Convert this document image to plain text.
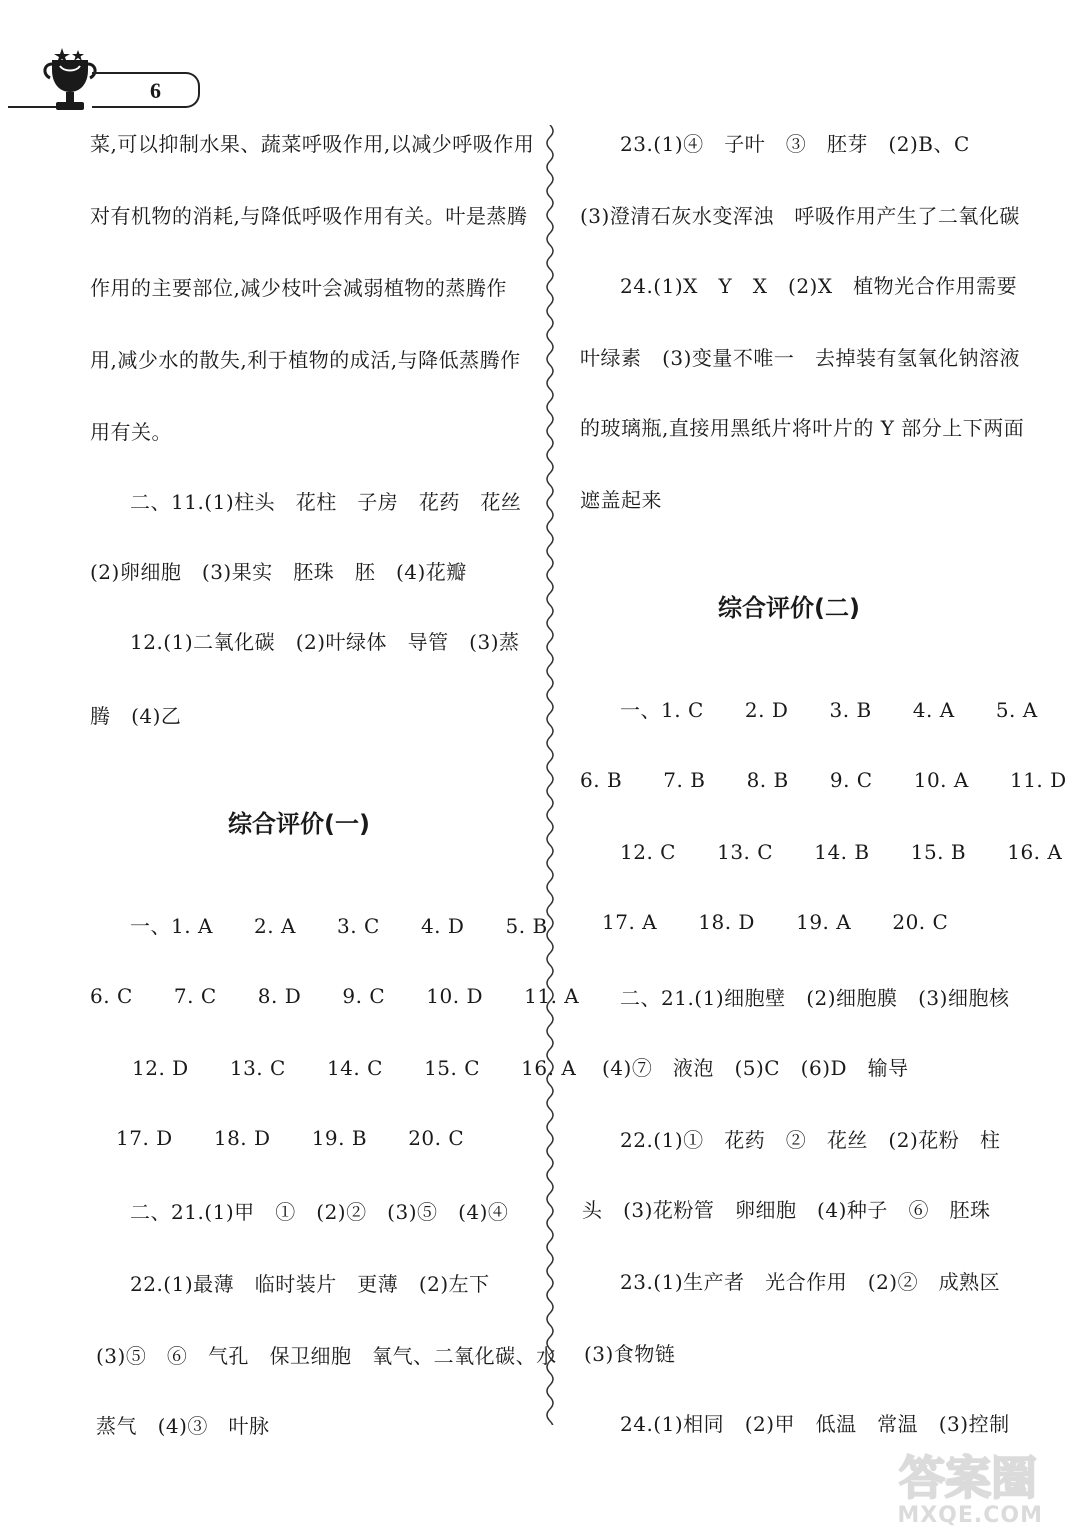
6
菜,可以抑制水果、蔬菜呼吸作用,以减少呼吸作用
对有机物的消耗,与降低呼吸作用有关。叶是蒸腾
作用的主要部位,减少枝叶会减弱植物的蒸腾作
用,减少水的散失,利于植物的成活,与降低蒸腾作
用有关。
二、11.(1)柱头   花柱   子房   花药   花丝
(2)卵细胞   (3)果实   胚珠   胚   (4)花瓣
12.(1)二氧化碳   (2)叶绿体   导管   (3)蒸
腾   (4)乙
综合评价(一)
一、1. A      2. A      3. C      4. D      5. B
6. C      7. C      8. D      9. C      10. D      11. A
12. D      13. C      14. C      15. C      16. A
17. D      18. D      19. B      20. C
二、21.(1)甲   ①   (2)②   (3)⑤   (4)④
22.(1)最薄   临时装片   更薄   (2)左下
(3)⑤   ⑥   气孔   保卫细胞   氧气、二氧化碳、水
蒸气   (4)③   叶脉
23.(1)④   子叶   ③   胚芽   (2)B、C
(3)澄清石灰水变浑浊   呼吸作用产生了二氧化碳
24.(1)X   Y   X   (2)X   植物光合作用需要
叶绿素   (3)变量不唯一   去掉装有氢氧化钠溶液
的玻璃瓶,直接用黑纸片将叶片的 Y 部分上下两面
遮盖起来
综合评价(二)
一、1. C      2. D      3. B      4. A      5. A
6. B      7. B      8. B      9. C      10. A      11. D
12. C      13. C      14. B      15. B      16. A
17. A      18. D      19. A      20. C
二、21.(1)细胞壁   (2)细胞膜   (3)细胞核
(4)⑦   液泡   (5)C   (6)D   输导
22.(1)①   花药   ②   花丝   (2)花粉   柱
头   (3)花粉管   卵细胞   (4)种子   ⑥   胚珠
23.(1)生产者   光合作用   (2)②   成熟区
(3)食物链
24.(1)相同   (2)甲   低温   常温   (3)控制
答案圈
MXQE.COM
